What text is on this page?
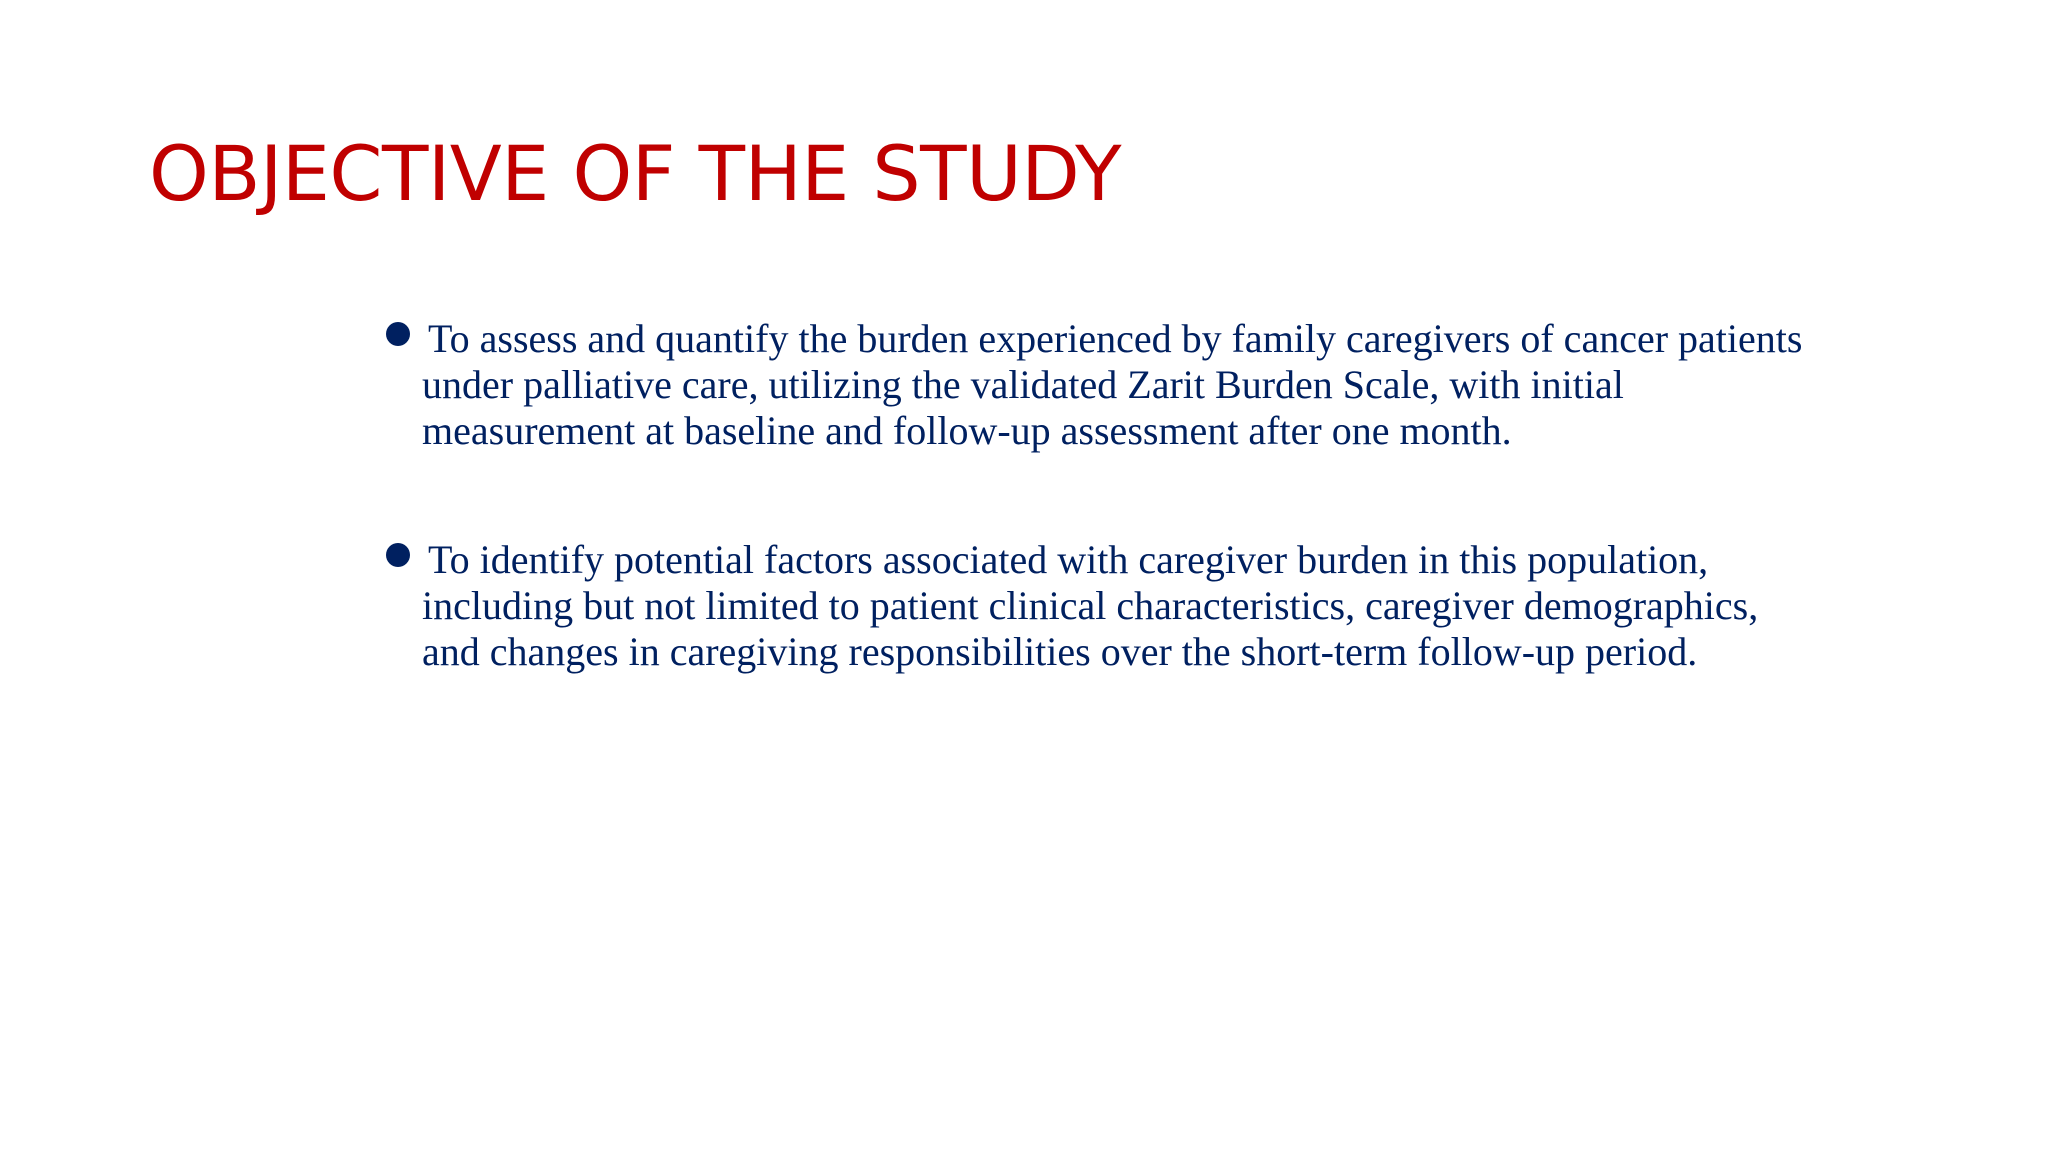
OBJECTIVE OF THE STUDY
To assess and quantify the burden experienced by family caregivers of cancer patients
under palliative care, utilizing the validated Zarit Burden Scale, with initial
measurement at baseline and follow-up assessment after one month.
To identify potential factors associated with caregiver burden in this population,
including but not limited to patient clinical characteristics, caregiver demographics,
and changes in caregiving responsibilities over the short-term follow-up period.
